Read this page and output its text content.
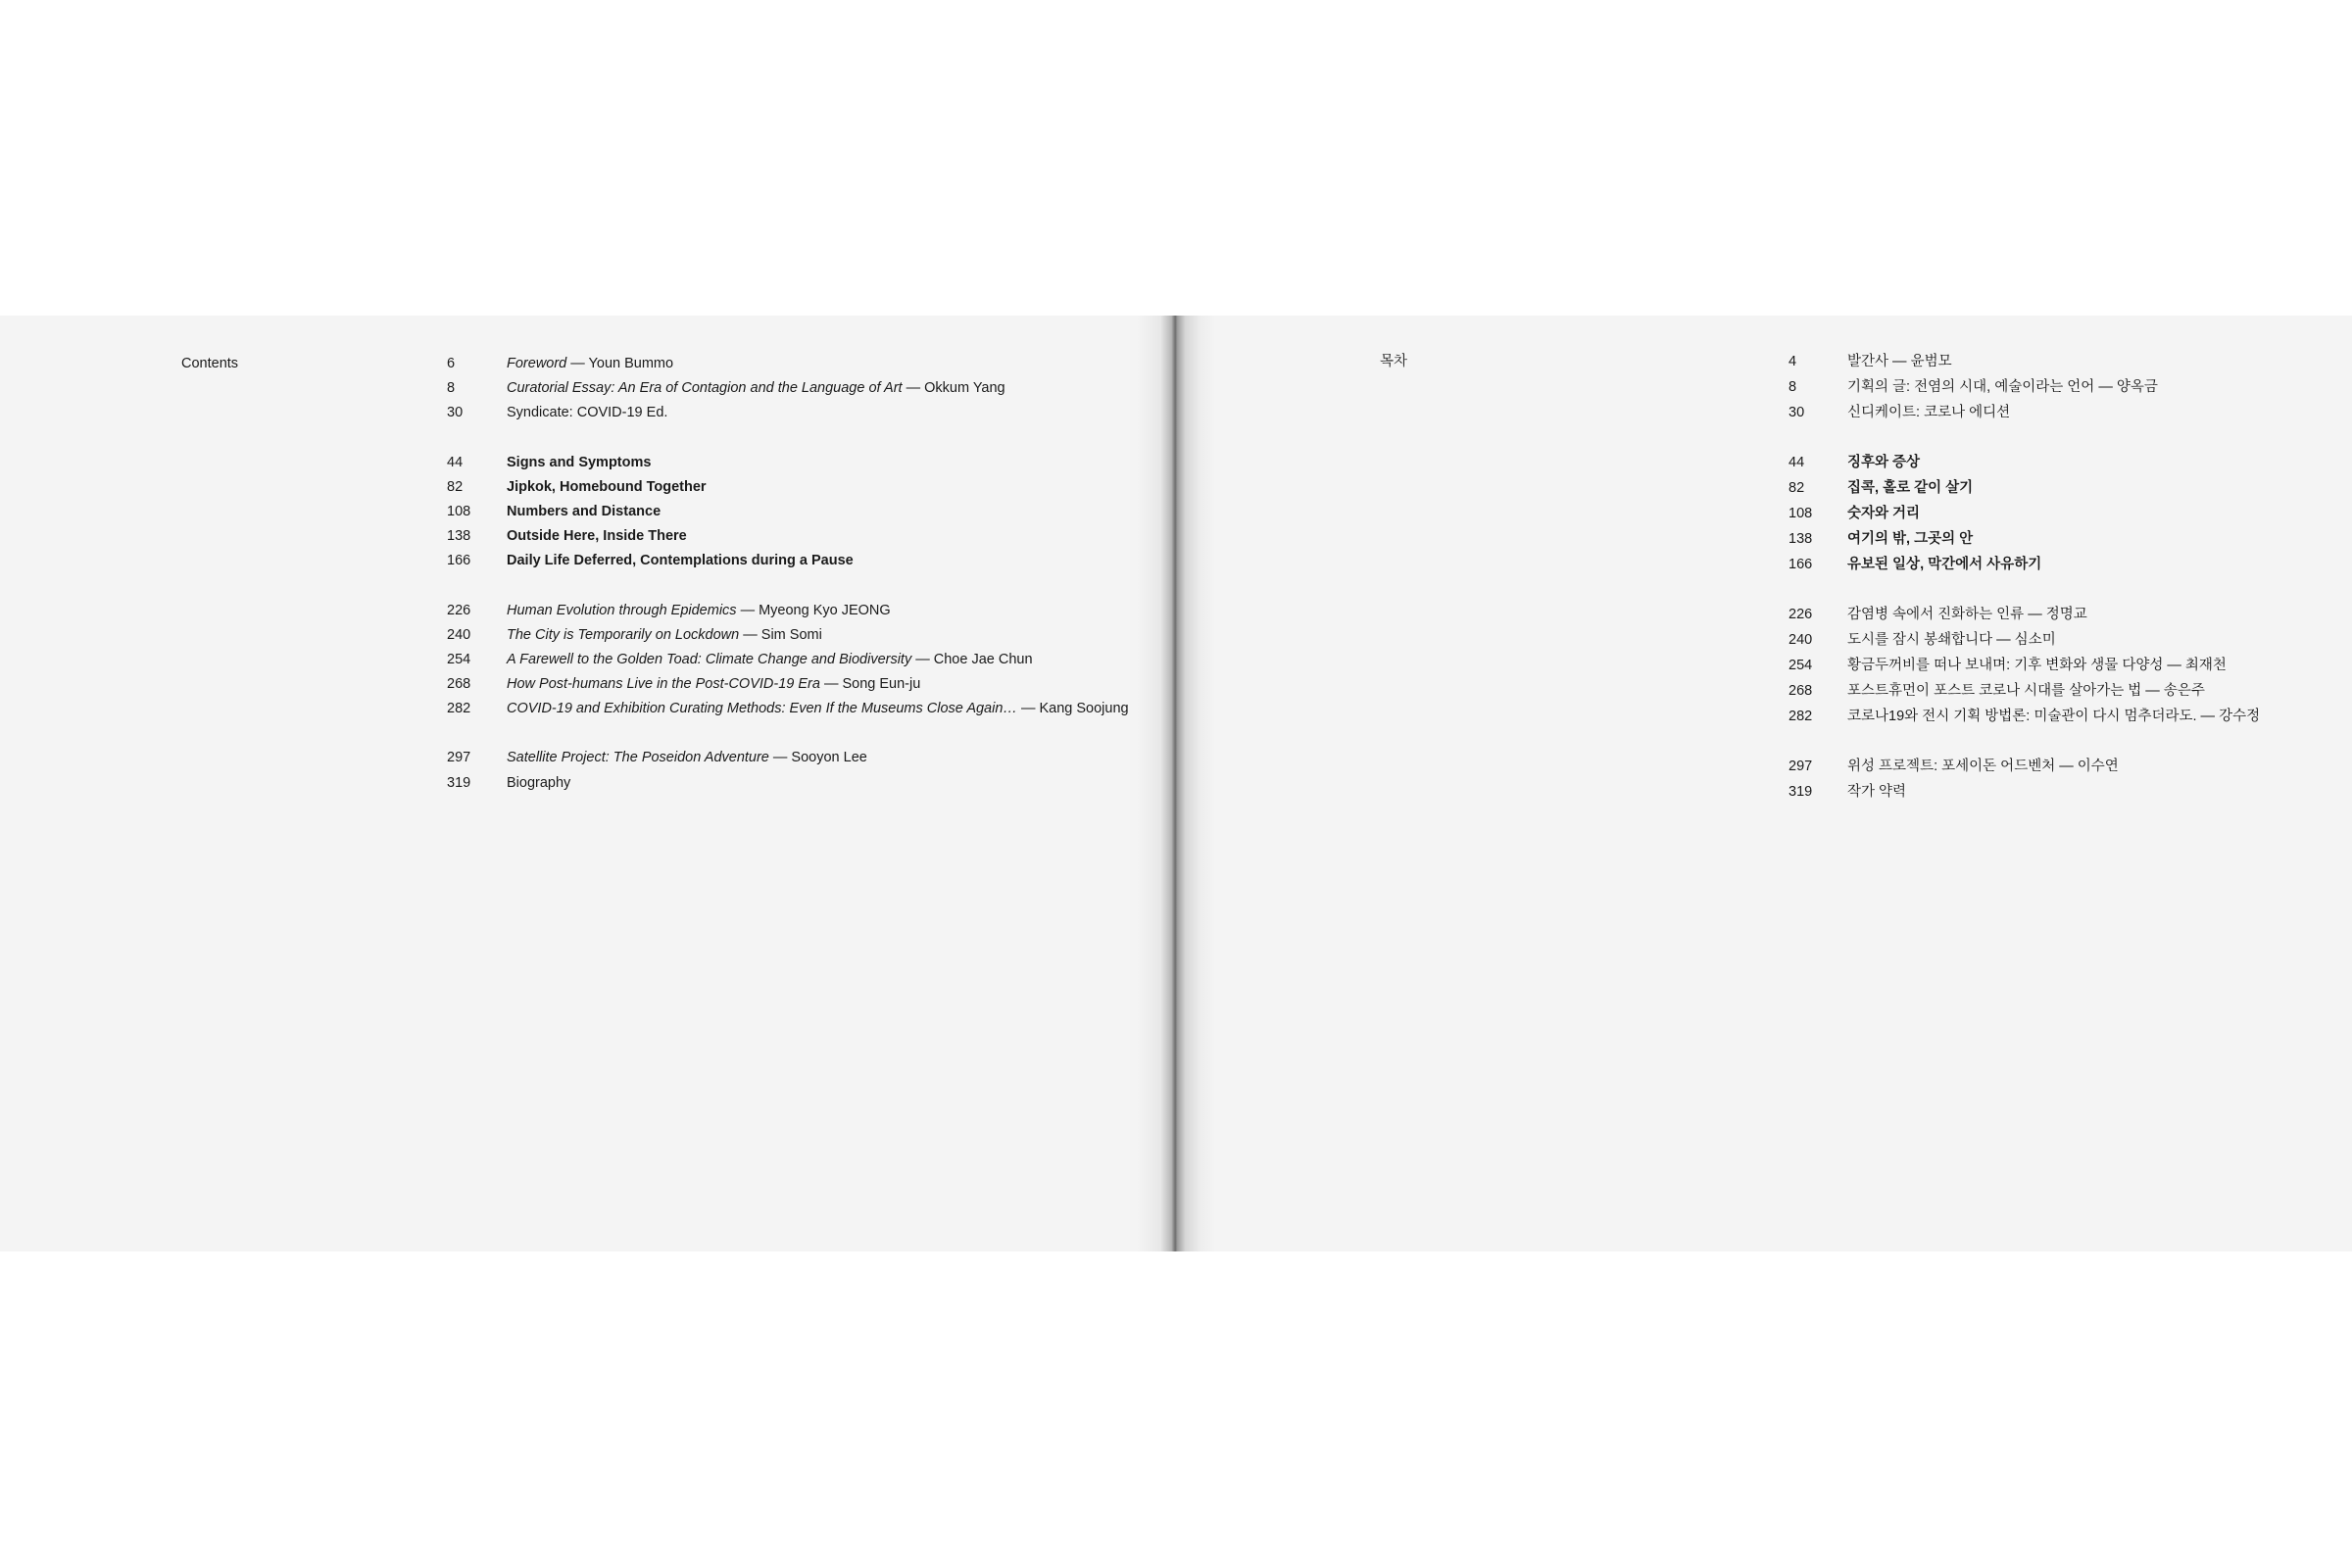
Contents	6	Foreword — Youn Bummo
8	Curatorial Essay: An Era of Contagion and the Language of Art — Okkum Yang
30	Syndicate: COVID-19 Ed.
44	Signs and Symptoms
82	Jipkok, Homebound Together
108	Numbers and Distance
138	Outside Here, Inside There
166	Daily Life Deferred, Contemplations during a Pause
226	Human Evolution through Epidemics — Myeong Kyo JEONG
240	The City is Temporarily on Lockdown — Sim Somi
254	A Farewell to the Golden Toad: Climate Change and Biodiversity — Choe Jae Chun
268	How Post-humans Live in the Post-COVID-19 Era — Song Eun-ju
282	COVID-19 and Exhibition Curating Methods: Even If the Museums Close Again… — Kang Soojung
297	Satellite Project: The Poseidon Adventure — Sooyon Lee
319	Biography
목차	4	발간사 — 윤범모
8	기획의 글: 전염의 시대, 예술이라는 언어 — 양옥금
30	신디케이트: 코로나 에디션
44	징후와 증상
82	집콕, 홀로 같이 살기
108	숫자와 거리
138	여기의 밖, 그곳의 안
166	유보된 일상, 막간에서 사유하기
226	감염병 속에서 진화하는 인류 — 정명교
240	도시를 잠시 봉쇄합니다 — 심소미
254	황금두꺼비를 떠나 보내며: 기후 변화와 생물 다양성 — 최재천
268	포스트휴먼이 포스트 코로나 시대를 살아가는 법 — 송은주
282	코로나19와 전시 기획 방법론: 미술관이 다시 멈추더라도. — 강수정
297	위성 프로젝트: 포세이돈 어드벤처 — 이수연
319	작가 약력
